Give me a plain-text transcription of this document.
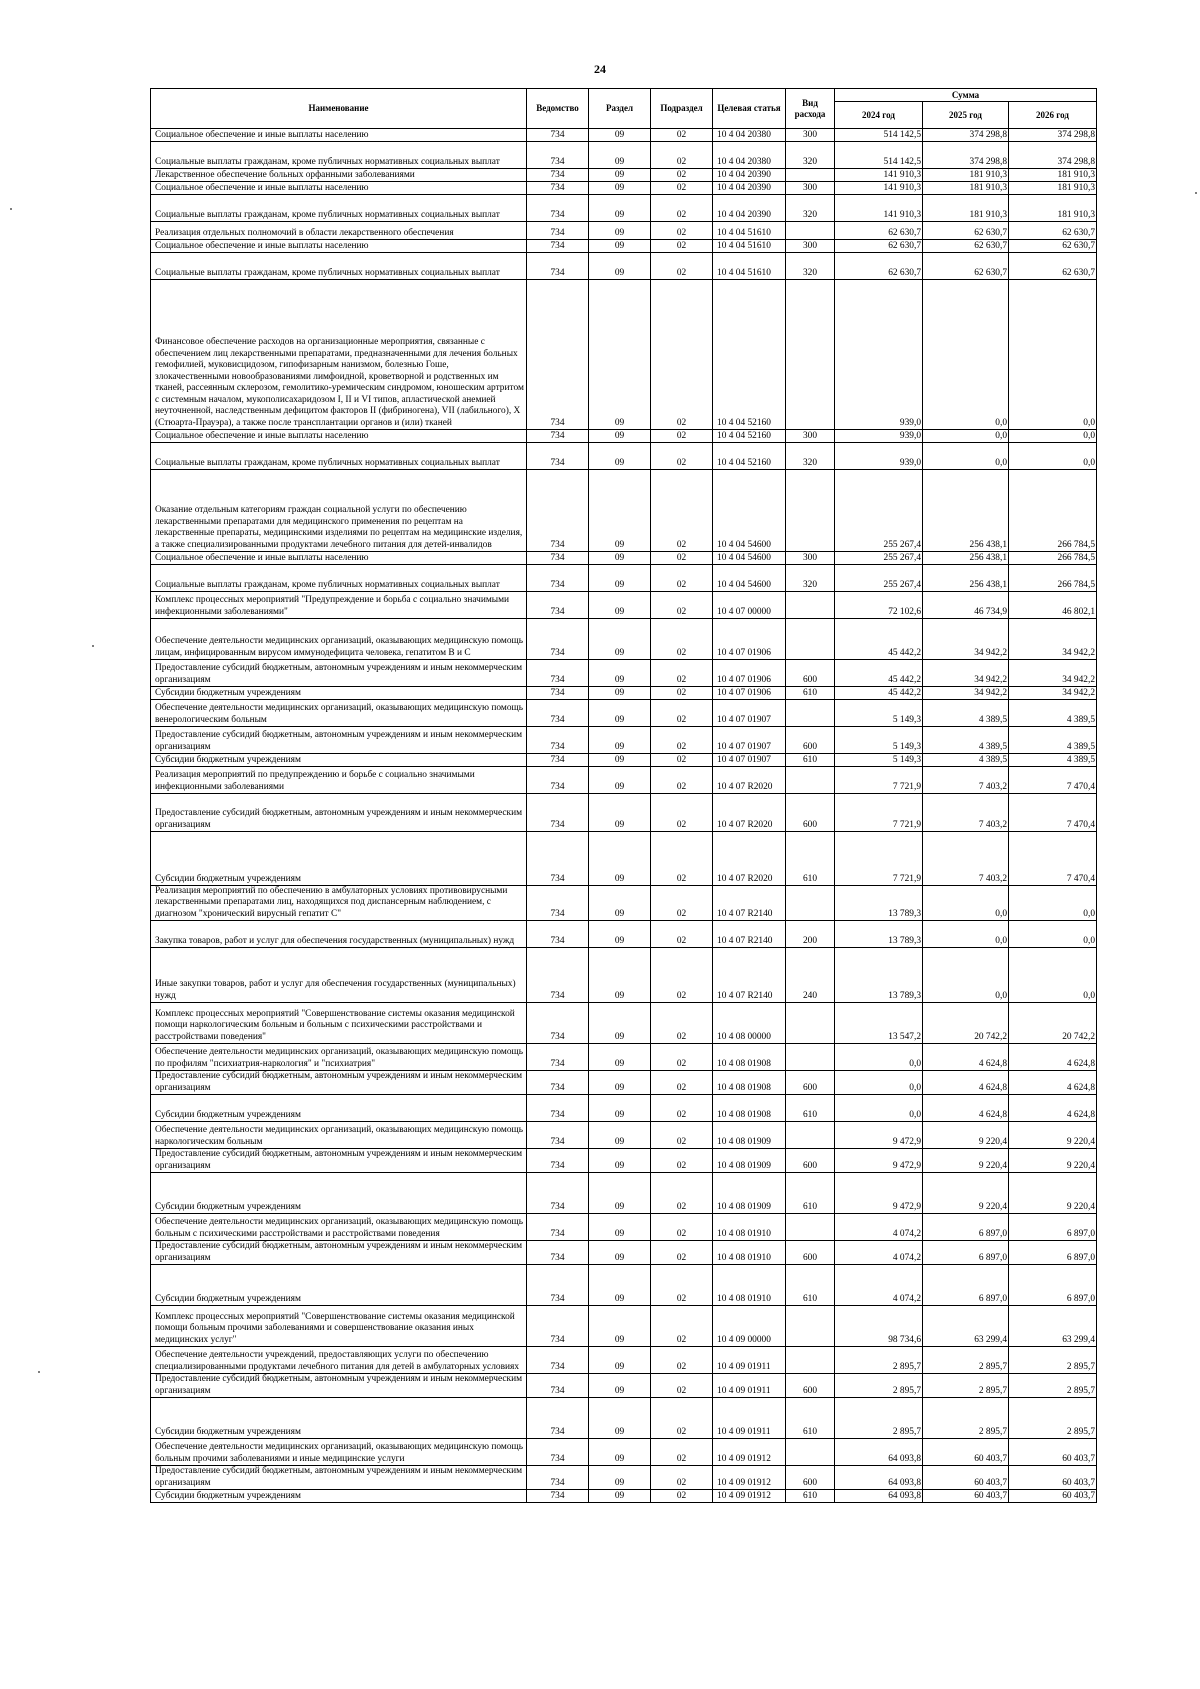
24
Наименование	Ведомство	Раздел	Подраздел	Целевая статья	Вид расхода	Сумма		
						2024 год	2025 год	2026 год
Социальное обеспечение и иные выплаты населению	734	09	02	10 4 04 20380	300	514 142,5	374 298,8	374 298,8
Социальные выплаты гражданам, кроме публичных нормативных социальных выплат	734	09	02	10 4 04 20380	320	514 142,5	374 298,8	374 298,8
Лекарственное обеспечение больных орфанными заболеваниями	734	09	02	10 4 04 20390		141 910,3	181 910,3	181 910,3
Социальное обеспечение и иные выплаты населению	734	09	02	10 4 04 20390	300	141 910,3	181 910,3	181 910,3
Социальные выплаты гражданам, кроме публичных нормативных социальных выплат	734	09	02	10 4 04 20390	320	141 910,3	181 910,3	181 910,3
Реализация отдельных полномочий в области лекарственного обеспечения	734	09	02	10 4 04 51610		62 630,7	62 630,7	62 630,7
Социальное обеспечение и иные выплаты населению	734	09	02	10 4 04 51610	300	62 630,7	62 630,7	62 630,7
Социальные выплаты гражданам, кроме публичных нормативных социальных выплат	734	09	02	10 4 04 51610	320	62 630,7	62 630,7	62 630,7
Финансовое обеспечение расходов на организационные мероприятия, связанные с обеспечением лиц лекарственными препаратами, предназначенными для лечения больных гемофилией, муковисцидозом, гипофизарным нанизмом, болезнью Гоше, злокачественными новообразованиями лимфоидной, кроветворной и родственных им тканей, рассеянным склерозом, гемолитико-уремическим синдромом, юношеским артритом с системным началом, мукополисахаридозом I, II и VI типов, апластической анемией неуточненной, наследственным дефицитом факторов II (фибриногена), VII (лабильного), X (Стюарта-Прауэра), а также после трансплантации органов и (или) тканей	734	09	02	10 4 04 52160		939,0	0,0	0,0
Социальное обеспечение и иные выплаты населению	734	09	02	10 4 04 52160	300	939,0	0,0	0,0
Социальные выплаты гражданам, кроме публичных нормативных социальных выплат	734	09	02	10 4 04 52160	320	939,0	0,0	0,0
Оказание отдельным категориям граждан социальной услуги по обеспечению лекарственными препаратами для медицинского применения по рецептам на лекарственные препараты, медицинскими изделиями по рецептам на медицинские изделия, а также специализированными продуктами лечебного питания для детей-инвалидов	734	09	02	10 4 04 54600		255 267,4	256 438,1	266 784,5
Социальное обеспечение и иные выплаты населению	734	09	02	10 4 04 54600	300	255 267,4	256 438,1	266 784,5
Социальные выплаты гражданам, кроме публичных нормативных социальных выплат	734	09	02	10 4 04 54600	320	255 267,4	256 438,1	266 784,5
Комплекс процессных мероприятий "Предупреждение и борьба с социально значимыми инфекционными заболеваниями"	734	09	02	10 4 07 00000		72 102,6	46 734,9	46 802,1
Обеспечение деятельности медицинских организаций, оказывающих медицинскую помощь лицам, инфицированным вирусом иммунодефицита человека, гепатитом В и С	734	09	02	10 4 07 01906		45 442,2	34 942,2	34 942,2
Предоставление субсидий бюджетным, автономным учреждениям и иным некоммерческим организациям	734	09	02	10 4 07 01906	600	45 442,2	34 942,2	34 942,2
Субсидии бюджетным учреждениям	734	09	02	10 4 07 01906	610	45 442,2	34 942,2	34 942,2
Обеспечение деятельности медицинских организаций, оказывающих медицинскую помощь венерологическим больным	734	09	02	10 4 07 01907		5 149,3	4 389,5	4 389,5
Предоставление субсидий бюджетным, автономным учреждениям и иным некоммерческим организациям	734	09	02	10 4 07 01907	600	5 149,3	4 389,5	4 389,5
Субсидии бюджетным учреждениям	734	09	02	10 4 07 01907	610	5 149,3	4 389,5	4 389,5
Реализация мероприятий по предупреждению и борьбе с социально значимыми инфекционными заболеваниями	734	09	02	10 4 07 R2020		7 721,9	7 403,2	7 470,4
Предоставление субсидий бюджетным, автономным учреждениям и иным некоммерческим организациям	734	09	02	10 4 07 R2020	600	7 721,9	7 403,2	7 470,4
Субсидии бюджетным учреждениям	734	09	02	10 4 07 R2020	610	7 721,9	7 403,2	7 470,4
Реализация мероприятий по обеспечению в амбулаторных условиях противовирусными лекарственными препаратами лиц, находящихся под диспансерным наблюдением, с диагнозом "хронический вирусный гепатит С"	734	09	02	10 4 07 R2140		13 789,3	0,0	0,0
Закупка товаров, работ и услуг для обеспечения государственных (муниципальных) нужд	734	09	02	10 4 07 R2140	200	13 789,3	0,0	0,0
Иные закупки товаров, работ и услуг для обеспечения государственных (муниципальных) нужд	734	09	02	10 4 07 R2140	240	13 789,3	0,0	0,0
Комплекс процессных мероприятий "Совершенствование системы оказания медицинской помощи наркологическим больным и больным с психическими расстройствами и расстройствами поведения"	734	09	02	10 4 08 00000		13 547,2	20 742,2	20 742,2
Обеспечение деятельности медицинских организаций, оказывающих медицинскую помощь по профилям "психиатрия-наркология" и "психиатрия"	734	09	02	10 4 08 01908		0,0	4 624,8	4 624,8
Предоставление субсидий бюджетным, автономным учреждениям и иным некоммерческим организациям	734	09	02	10 4 08 01908	600	0,0	4 624,8	4 624,8
Субсидии бюджетным учреждениям	734	09	02	10 4 08 01908	610	0,0	4 624,8	4 624,8
Обеспечение деятельности медицинских организаций, оказывающих медицинскую помощь наркологическим больным	734	09	02	10 4 08 01909		9 472,9	9 220,4	9 220,4
Предоставление субсидий бюджетным, автономным учреждениям и иным некоммерческим организациям	734	09	02	10 4 08 01909	600	9 472,9	9 220,4	9 220,4
Субсидии бюджетным учреждениям	734	09	02	10 4 08 01909	610	9 472,9	9 220,4	9 220,4
Обеспечение деятельности медицинских организаций, оказывающих медицинскую помощь больным с психическими расстройствами и расстройствами поведения	734	09	02	10 4 08 01910		4 074,2	6 897,0	6 897,0
Предоставление субсидий бюджетным, автономным учреждениям и иным некоммерческим организациям	734	09	02	10 4 08 01910	600	4 074,2	6 897,0	6 897,0
Субсидии бюджетным учреждениям	734	09	02	10 4 08 01910	610	4 074,2	6 897,0	6 897,0
Комплекс процессных мероприятий "Совершенствование системы оказания медицинской помощи больным прочими заболеваниями и совершенствование оказания иных медицинских услуг"	734	09	02	10 4 09 00000		98 734,6	63 299,4	63 299,4
Обеспечение деятельности учреждений, предоставляющих услуги по обеспечению специализированными продуктами лечебного питания для детей в амбулаторных условиях	734	09	02	10 4 09 01911		2 895,7	2 895,7	2 895,7
Предоставление субсидий бюджетным, автономным учреждениям и иным некоммерческим организациям	734	09	02	10 4 09 01911	600	2 895,7	2 895,7	2 895,7
Субсидии бюджетным учреждениям	734	09	02	10 4 09 01911	610	2 895,7	2 895,7	2 895,7
Обеспечение деятельности медицинских организаций, оказывающих медицинскую помощь больным прочими заболеваниями и иные медицинские услуги	734	09	02	10 4 09 01912		64 093,8	60 403,7	60 403,7
Предоставление субсидий бюджетным, автономным учреждениям и иным некоммерческим организациям	734	09	02	10 4 09 01912	600	64 093,8	60 403,7	60 403,7
Субсидии бюджетным учреждениям	734	09	02	10 4 09 01912	610	64 093,8	60 403,7	60 403,7
